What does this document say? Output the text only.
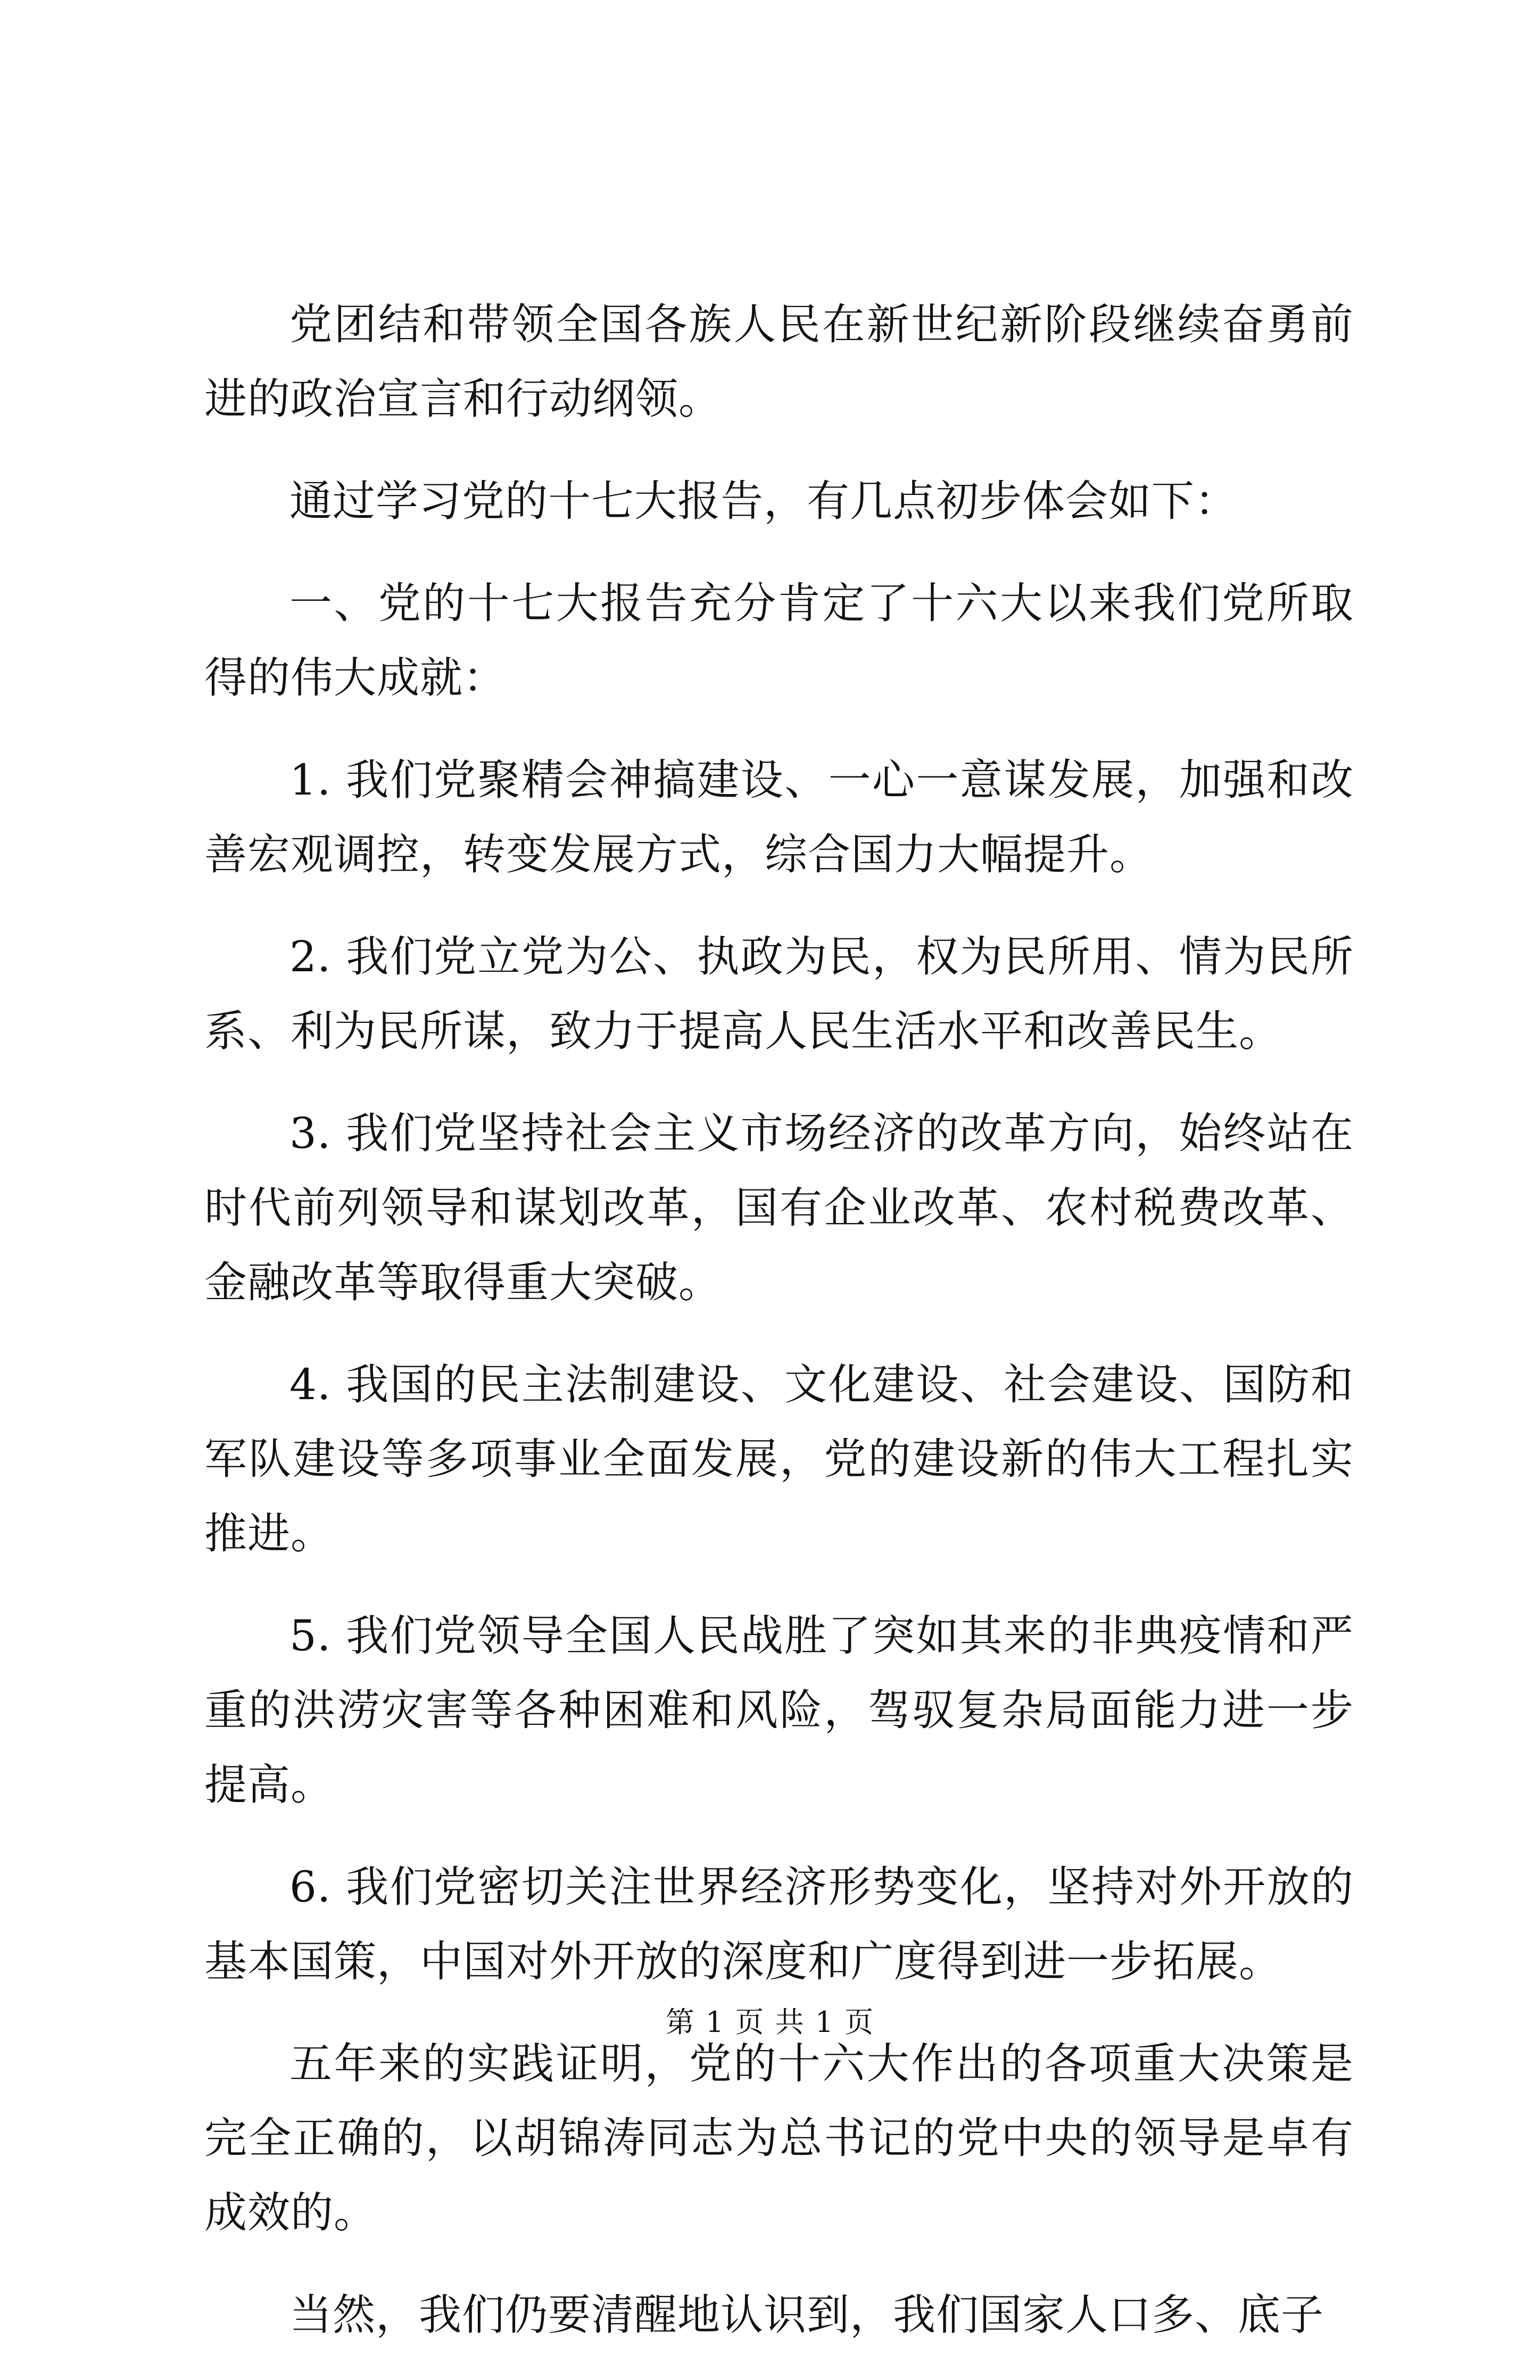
党团结和带领全国各族人民在新世纪新阶段继续奋勇前进的政治宣言和行动纲领。

通过学习党的十七大报告，有几点初步体会如下：

一、党的十七大报告充分肯定了十六大以来我们党所取得的伟大成就：

1. 我们党聚精会神搞建设、一心一意谋发展，加强和改善宏观调控，转变发展方式，综合国力大幅提升。

2. 我们党立党为公、执政为民，权为民所用、情为民所系、利为民所谋，致力于提高人民生活水平和改善民生。

3. 我们党坚持社会主义市场经济的改革方向，始终站在时代前列领导和谋划改革，国有企业改革、农村税费改革、金融改革等取得重大突破。

4. 我国的民主法制建设、文化建设、社会建设、国防和军队建设等多项事业全面发展，党的建设新的伟大工程扎实推进。

5. 我们党领导全国人民战胜了突如其来的非典疫情和严重的洪涝灾害等各种困难和风险，驾驭复杂局面能力进一步提高。

6. 我们党密切关注世界经济形势变化，坚持对外开放的基本国策，中国对外开放的深度和广度得到进一步拓展。

五年来的实践证明，党的十六大作出的各项重大决策是完全正确的，以胡锦涛同志为总书记的党中央的领导是卓有成效的。

当然，我们仍要清醒地认识到，我们国家人口多、底子

第 1 页 共 1 页
